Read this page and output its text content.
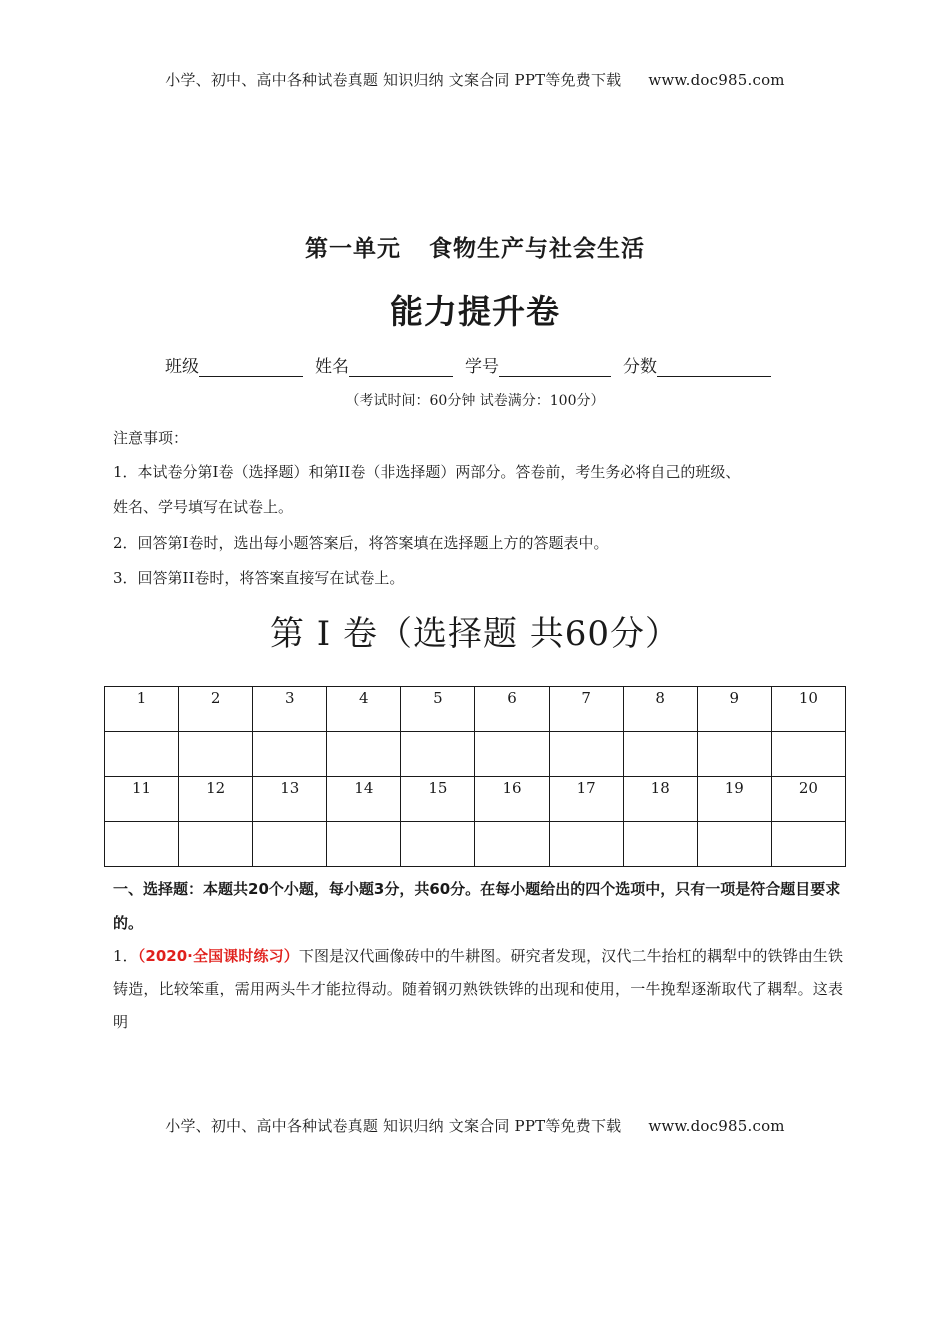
小学、初中、高中各种试卷真题 知识归纳 文案合同 PPT等免费下载 www.doc985.com
第一单元 食物生产与社会生活
能力提升卷
班级	姓名	学号	分数
（考试时间：60分钟 试卷满分：100分）
注意事项：
1．本试卷分第I卷（选择题）和第II卷（非选择题）两部分。答卷前，考生务必将自己的班级、
姓名、学号填写在试卷上。
2．回答第I卷时，选出每小题答案后，将答案填在选择题上方的答题表中。
3．回答第II卷时，将答案直接写在试卷上。
第 I 卷（选择题 共60分）
1	2	3	4	5	6	7	8	9	10

11	12	13	14	15	16	17	18	19	20

一、选择题：本题共20个小题，每小题3分，共60分。在每小题给出的四个选项中，只有一项是符合题目要求的。
1．（2020·全国课时练习）下图是汉代画像砖中的牛耕图。研究者发现，汉代二牛抬杠的耦犁中的铁铧由生铁铸造，比较笨重，需用两头牛才能拉得动。随着钢刃熟铁铁铧的出现和使用，一牛挽犁逐渐取代了耦犁。这表明
小学、初中、高中各种试卷真题 知识归纳 文案合同 PPT等免费下载 www.doc985.com
